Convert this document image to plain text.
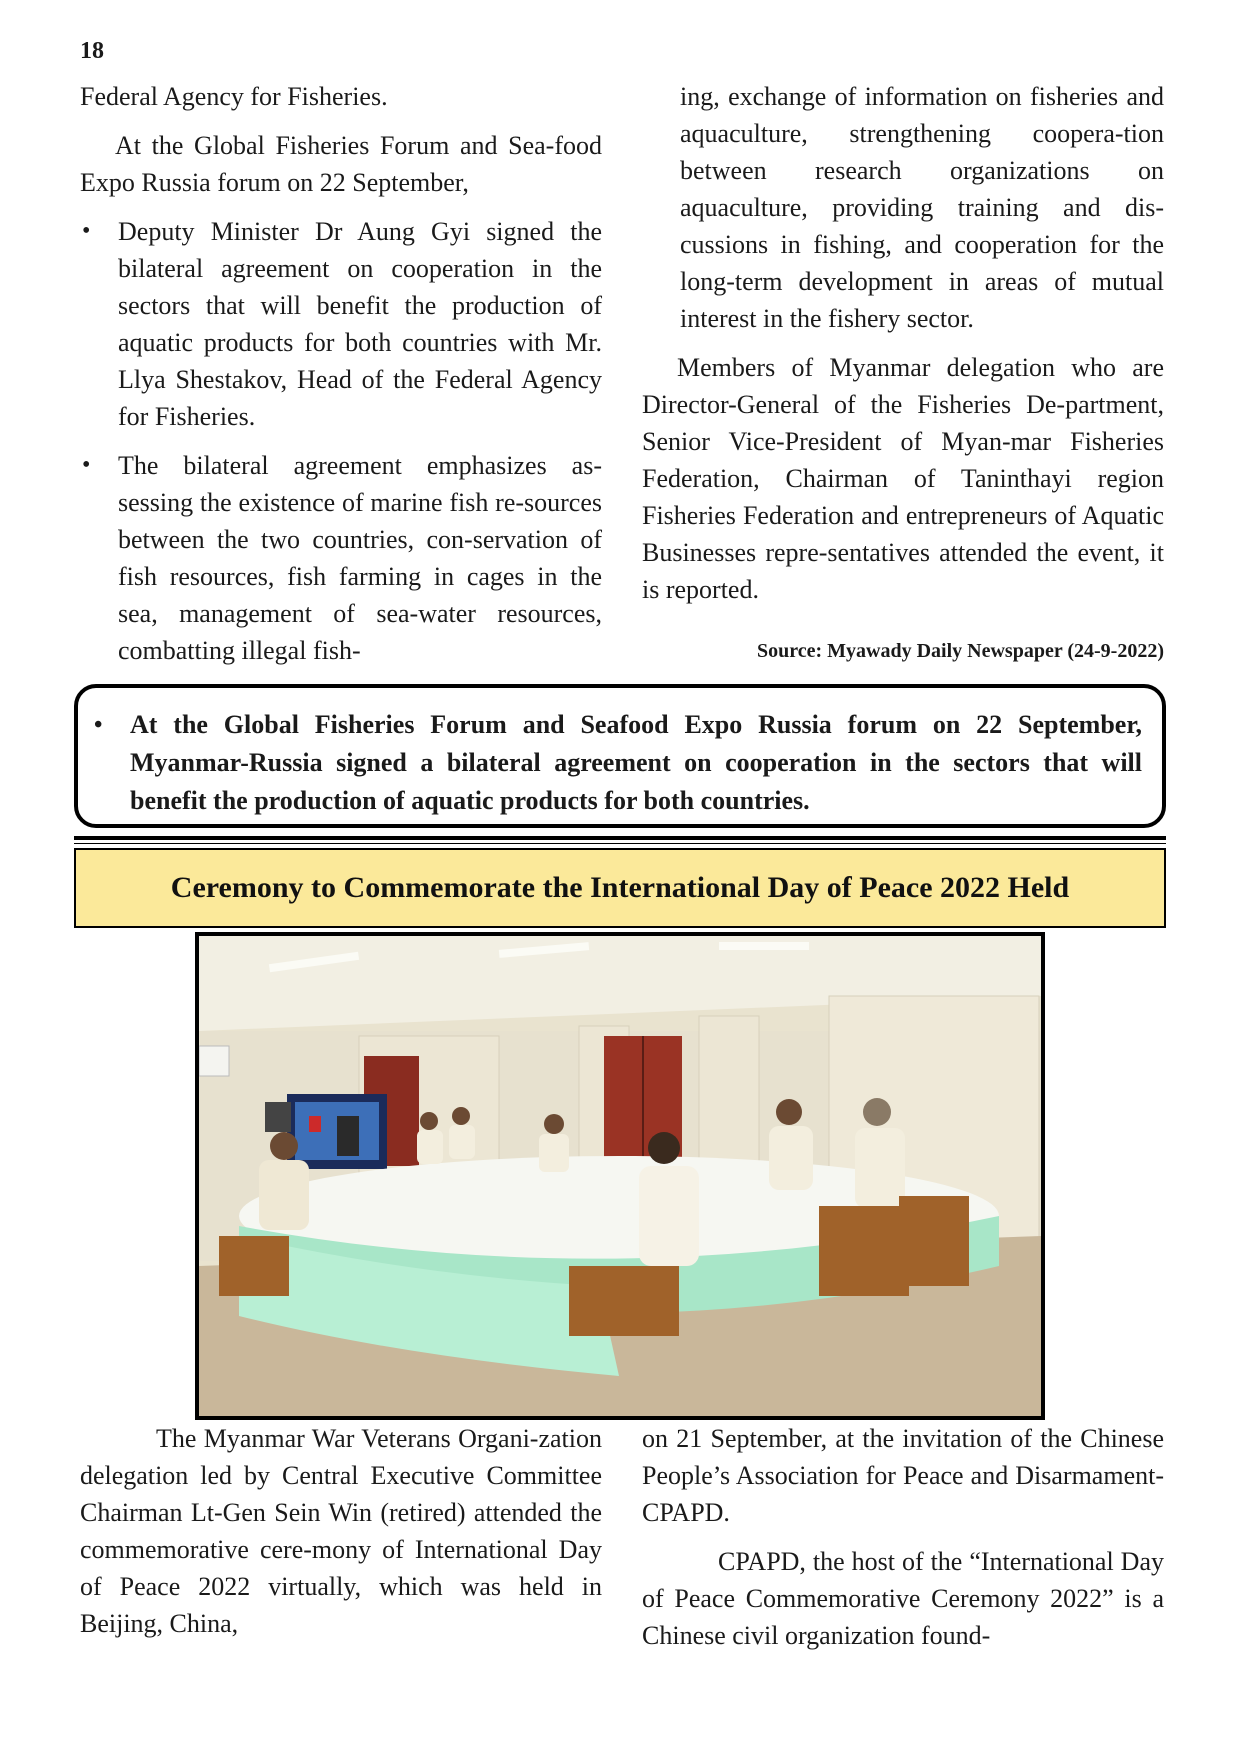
18

Federal Agency for Fisheries.

At the Global Fisheries Forum and Sea-food Expo Russia forum on 22 September,

• Deputy Minister Dr Aung Gyi signed the bilateral agreement on cooperation in the sectors that will benefit the production of aquatic products for both countries with Mr. Llya Shestakov, Head of the Federal Agency for Fisheries.
• The bilateral agreement emphasizes as-sessing the existence of marine fish re-sources between the two countries, con-servation of fish resources, fish farming in cages in the sea, management of sea-water resources, combatting illegal fish-

ing, exchange of information on fisheries and aquaculture, strengthening coopera-tion between research organizations on aquaculture, providing training and dis-cussions in fishing, and cooperation for the long-term development in areas of mutual interest in the fishery sector.

Members of Myanmar delegation who are Director-General of the Fisheries De-partment, Senior Vice-President of Myan-mar Fisheries Federation, Chairman of Taninthayi region Fisheries Federation and entrepreneurs of Aquatic Businesses repre-sentatives attended the event, it is reported.

Source: Myawady Daily Newspaper (24-9-2022)
• At the Global Fisheries Forum and Seafood Expo Russia forum on 22 September, Myanmar-Russia signed a bilateral agreement on cooperation in the sectors that will benefit the production of aquatic products for both countries.
Ceremony to Commemorate the International Day of Peace 2022 Held

The Myanmar War Veterans Organi-zation delegation led by Central Executive Committee Chairman Lt-Gen Sein Win (retired) attended the commemorative cere-mony of International Day of Peace 2022 virtually, which was held in Beijing, China,

on 21 September, at the invitation of the Chinese People’s Association for Peace and Disarmament- CPAPD.

CPAPD, the host of the “International Day of Peace Commemorative Ceremony 2022” is a Chinese civil organization found-
